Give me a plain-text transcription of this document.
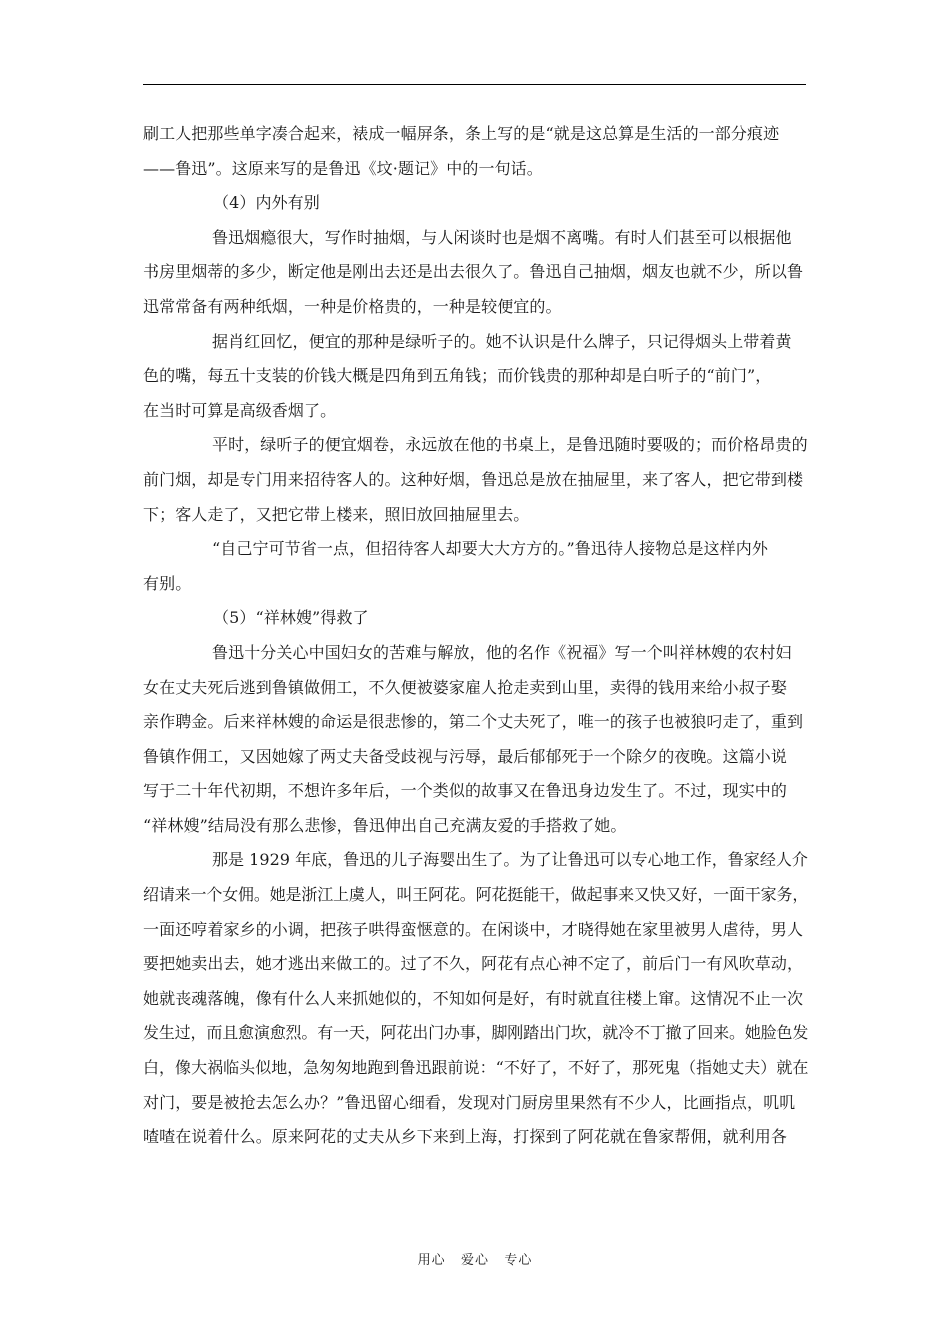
刷工人把那些单字凑合起来，裱成一幅屏条，条上写的是“就是这总算是生活的一部分痕迹
——鲁迅”。这原来写的是鲁迅《坟·题记》中的一句话。
（4）内外有别
鲁迅烟瘾很大，写作时抽烟，与人闲谈时也是烟不离嘴。有时人们甚至可以根据他
书房里烟蒂的多少，断定他是刚出去还是出去很久了。鲁迅自己抽烟，烟友也就不少，所以鲁
迅常常备有两种纸烟，一种是价格贵的，一种是较便宜的。
据肖红回忆，便宜的那种是绿听子的。她不认识是什么牌子，只记得烟头上带着黄
色的嘴，每五十支装的价钱大概是四角到五角钱；而价钱贵的那种却是白听子的“前门”，
在当时可算是高级香烟了。
平时，绿听子的便宜烟卷，永远放在他的书桌上，是鲁迅随时要吸的；而价格昂贵的
前门烟，却是专门用来招待客人的。这种好烟，鲁迅总是放在抽屉里，来了客人，把它带到楼
下；客人走了，又把它带上楼来，照旧放回抽屉里去。
“自己宁可节省一点，但招待客人却要大大方方的。”鲁迅待人接物总是这样内外
有别。
（5）“祥林嫂”得救了
鲁迅十分关心中国妇女的苦难与解放，他的名作《祝福》写一个叫祥林嫂的农村妇
女在丈夫死后逃到鲁镇做佣工，不久便被婆家雇人抢走卖到山里，卖得的钱用来给小叔子娶
亲作聘金。后来祥林嫂的命运是很悲惨的，第二个丈夫死了，唯一的孩子也被狼叼走了，重到
鲁镇作佣工，又因她嫁了两丈夫备受歧视与污辱，最后郁郁死于一个除夕的夜晚。这篇小说
写于二十年代初期，不想许多年后，一个类似的故事又在鲁迅身边发生了。不过，现实中的
“祥林嫂”结局没有那么悲惨，鲁迅伸出自己充满友爱的手搭救了她。
那是 1929 年底，鲁迅的儿子海婴出生了。为了让鲁迅可以专心地工作，鲁家经人介
绍请来一个女佣。她是浙江上虞人，叫王阿花。阿花挺能干，做起事来又快又好，一面干家务，
一面还哼着家乡的小调，把孩子哄得蛮惬意的。在闲谈中，才晓得她在家里被男人虐待，男人
要把她卖出去，她才逃出来做工的。过了不久，阿花有点心神不定了，前后门一有风吹草动，
她就丧魂落魄，像有什么人来抓她似的，不知如何是好，有时就直往楼上窜。这情况不止一次
发生过，而且愈演愈烈。有一天，阿花出门办事，脚刚踏出门坎，就冷不丁撤了回来。她脸色发
白，像大祸临头似地，急匆匆地跑到鲁迅跟前说：“不好了，不好了，那死鬼（指她丈夫）就在
对门，要是被抢去怎么办？”鲁迅留心细看，发现对门厨房里果然有不少人，比画指点，叽叽
喳喳在说着什么。原来阿花的丈夫从乡下来到上海，打探到了阿花就在鲁家帮佣，就利用各
用心   爱心   专心
